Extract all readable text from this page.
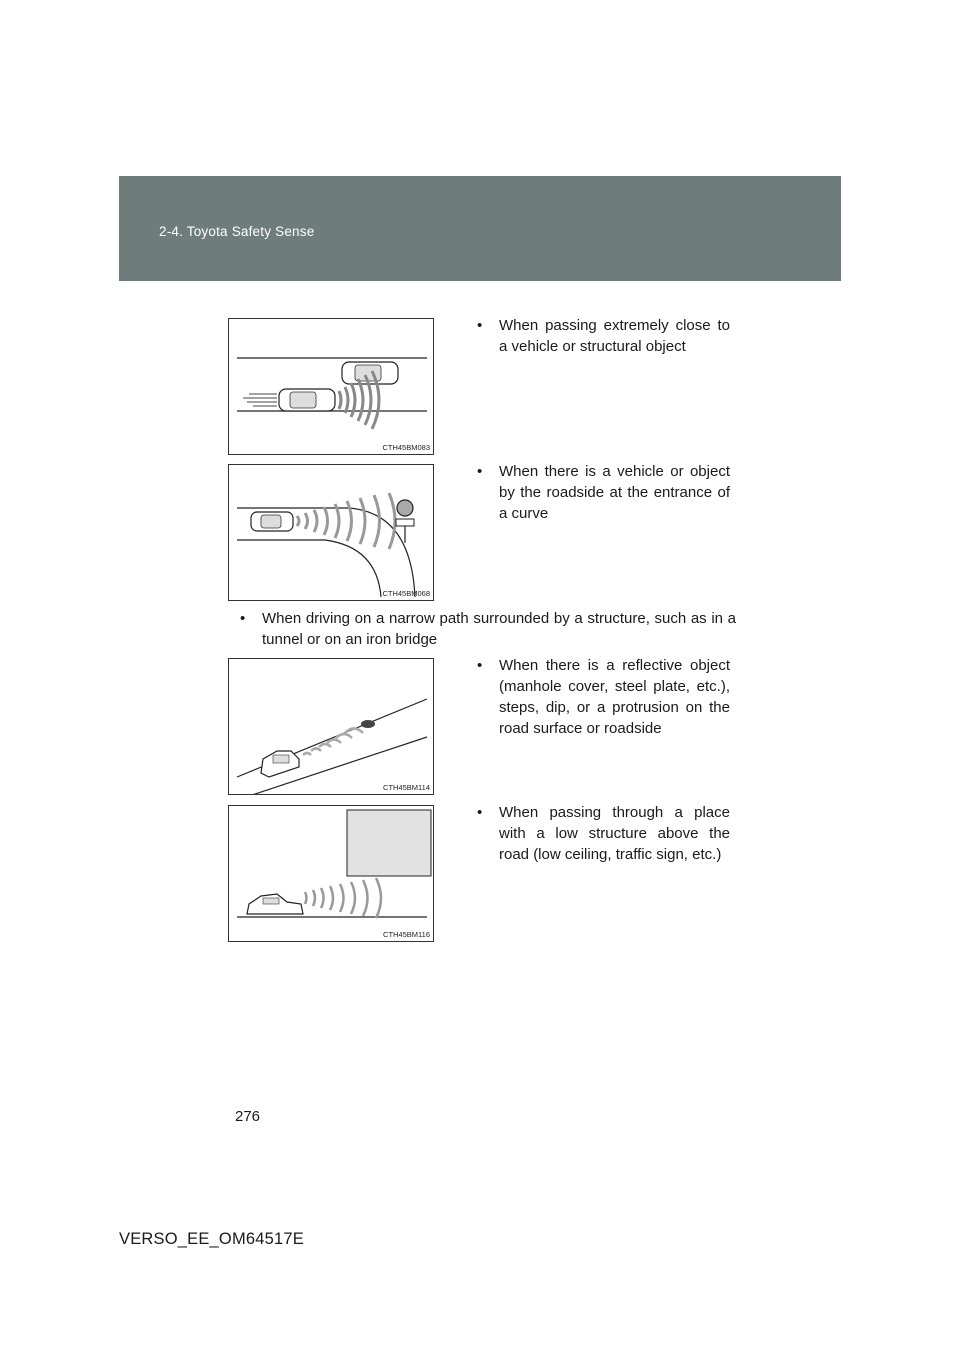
2-4. Toyota Safety Sense
CTH45BM083
• When passing extremely close to a vehicle or structural object
CTH45BM068
• When there is a vehicle or object by the roadside at the entrance of a curve
• When driving on a narrow path surrounded by a structure, such as in a tunnel or on an iron bridge
CTH45BM114
• When there is a reflective object (manhole cover, steel plate, etc.), steps, dip, or a protrusion on the road surface or roadside
CTH45BM116
• When passing through a place with a low structure above the road (low ceiling, traffic sign, etc.)
276
VERSO_EE_OM64517E
